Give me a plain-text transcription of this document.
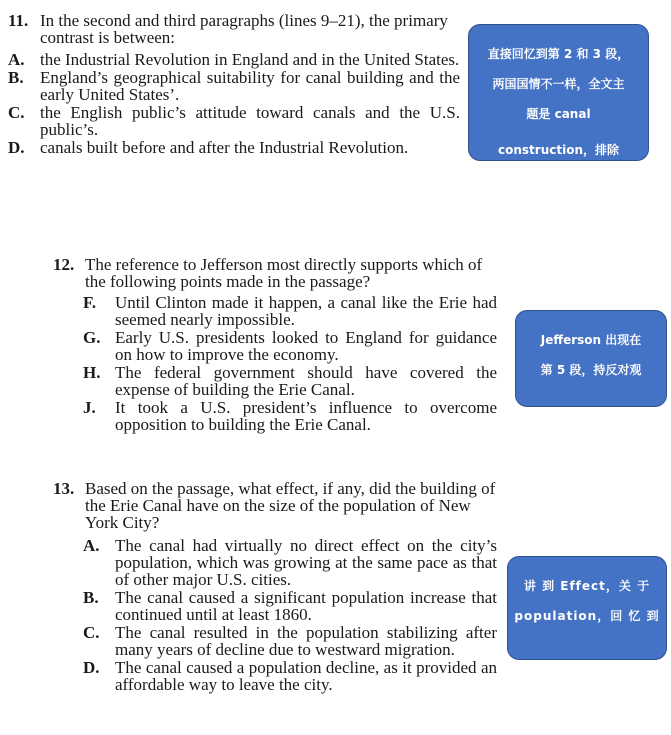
11. In the second and third paragraphs (lines 9–21), the primary contrast is between:
A. the Industrial Revolution in England and in the United States.
B. England’s geographical suitability for canal building and the early United States’.
C. the English public’s attitude toward canals and the U.S. public’s.
D. canals built before and after the Industrial Revolution.
12. The reference to Jefferson most directly supports which of the following points made in the passage?
F. Until Clinton made it happen, a canal like the Erie had seemed nearly impossible.
G. Early U.S. presidents looked to England for guidance on how to improve the economy.
H. The federal government should have covered the expense of building the Erie Canal.
J. It took a U.S. president’s influence to overcome opposition to building the Erie Canal.
13. Based on the passage, what effect, if any, did the building of the Erie Canal have on the size of the population of New York City?
A. The canal had virtually no direct effect on the city’s population, which was growing at the same pace as that of other major U.S. cities.
B. The canal caused a significant population increase that continued until at least 1860.
C. The canal resulted in the population stabilizing after many years of decline due to westward migration.
D. The canal caused a population decline, as it provided an affordable way to leave the city.
直接回忆到第 2 和 3 段，
两国国情不一样，全文主
题是 canal
construction，排除
Jefferson 出现在
第 5 段，持反对观
讲 到 Effect，关 于
population，回 忆 到
